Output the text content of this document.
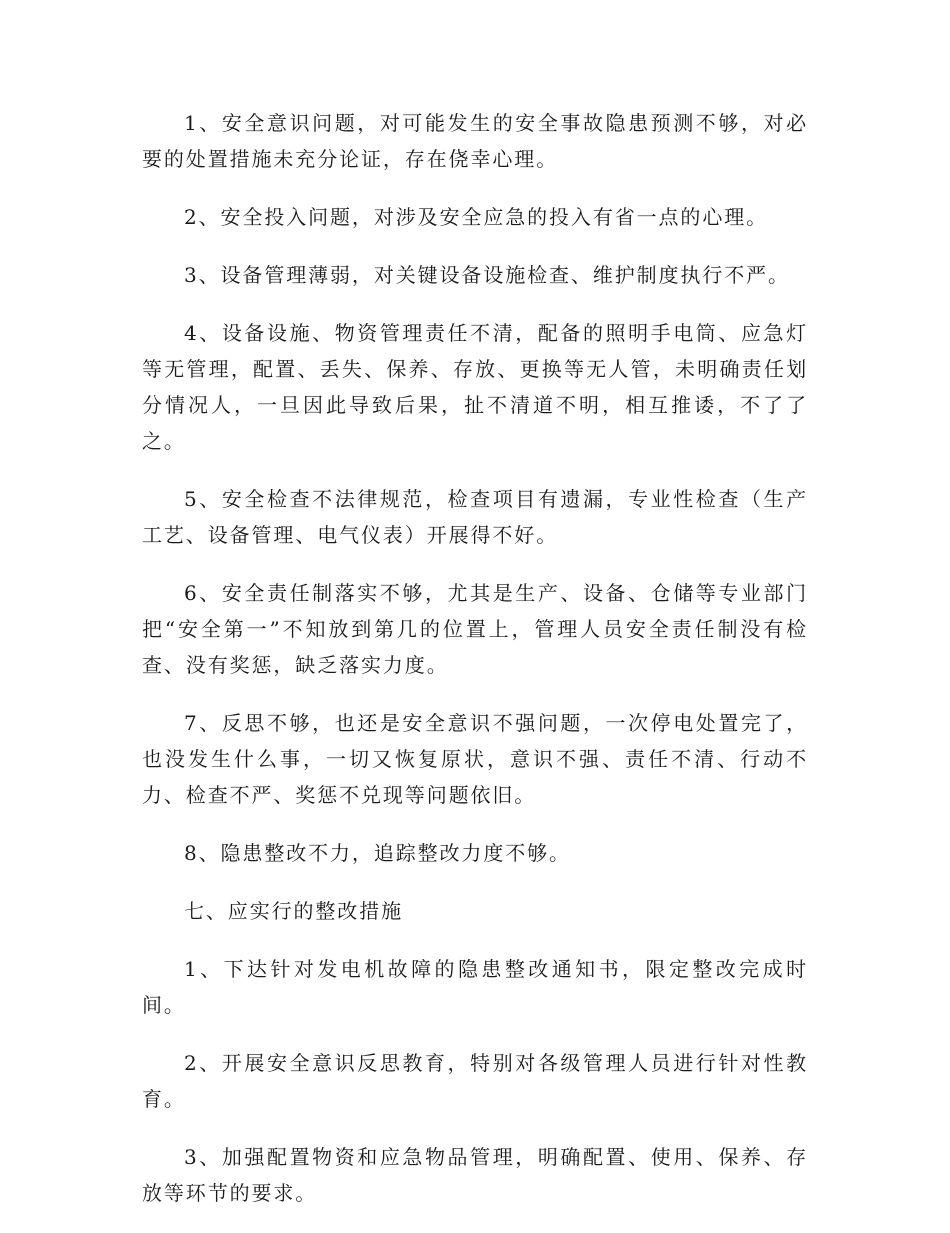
1、安全意识问题，对可能发生的安全事故隐患预测不够，对必要的处置措施未充分论证，存在侥幸心理。

2、安全投入问题，对涉及安全应急的投入有省一点的心理。

3、设备管理薄弱，对关键设备设施检查、维护制度执行不严。

4、设备设施、物资管理责任不清，配备的照明手电筒、应急灯等无管理，配置、丢失、保养、存放、更换等无人管，未明确责任划分情况人，一旦因此导致后果，扯不清道不明，相互推诿，不了了之。

5、安全检查不法律规范，检查项目有遗漏，专业性检查（生产工艺、设备管理、电气仪表）开展得不好。

6、安全责任制落实不够，尤其是生产、设备、仓储等专业部门把“安全第一”不知放到第几的位置上，管理人员安全责任制没有检查、没有奖惩，缺乏落实力度。

7、反思不够，也还是安全意识不强问题，一次停电处置完了，也没发生什么事，一切又恢复原状，意识不强、责任不清、行动不力、检查不严、奖惩不兑现等问题依旧。

8、隐患整改不力，追踪整改力度不够。

七、应实行的整改措施

1、下达针对发电机故障的隐患整改通知书，限定整改完成时间。

2、开展安全意识反思教育，特别对各级管理人员进行针对性教育。

3、加强配置物资和应急物品管理，明确配置、使用、保养、存放等环节的要求。
